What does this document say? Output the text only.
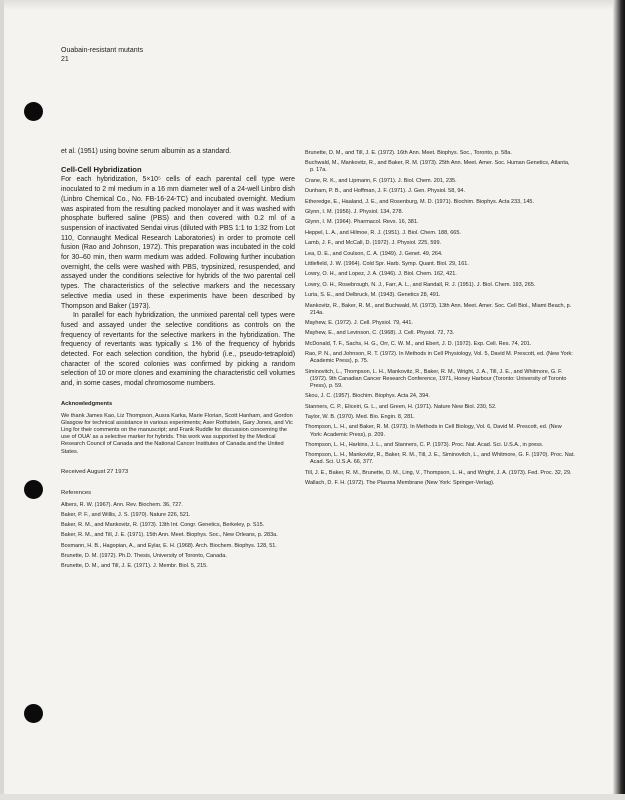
Ouabain-resistant mutants
21

et al. (1951) using bovine serum albumin as a standard.

Cell-Cell Hybridization

For each hybridization, 5×10⁵ cells of each parental cell type were inoculated to 2 ml medium in a 16 mm diameter well of a 24-well Linbro dish (Linbro Chemical Co., No. FB-16-24-TC) and incubated overnight. Medium was aspirated from the resulting packed monolayer and it was washed with phosphate buffered saline (PBS) and then covered with 0.2 ml of a suspension of inactivated Sendai virus (diluted with PBS 1:1 to 1:32 from Lot 110, Connaught Medical Research Laboratories) in order to promote cell fusion (Rao and Johnson, 1972). This preparation was incubated in the cold for 30–60 min, then warm medium was added. Following further incubation overnight, the cells were washed with PBS, trypsinized, resuspended, and assayed under the conditions selective for hybrids of the two parental cell types. The characteristics of the selective markers and the necessary selective media used in these experiments have been described by Thompson and Baker (1973).

In parallel for each hybridization, the unmixed parental cell types were fused and assayed under the selective conditions as controls on the frequency of revertants for the selective markers in the hybridization. The frequency of revertants was typically ≤ 1% of the frequency of hybrids detected. For each selection condition, the hybrid (i.e., pseudo-tetraploid) character of the scored colonies was confirmed by picking a random selection of 10 or more clones and examining the characteristic cell volumes and, in some cases, modal chromosome numbers.

Acknowledgments

We thank James Kao, Liz Thompson, Ausra Karka, Marie Florian, Scott Hanham, and Gordon Glasgow for technical assistance in various experiments; Aser Rothstein, Gary Jones, and Vic Ling for their comments on the manuscript; and Frank Ruddle for discussion concerning the use of OUA' as a selective marker for hybrids. This work was supported by the Medical Research Council of Canada and the National Cancer Institutes of Canada and the United States.

Received August 27 1973
References
Albers, R. W. (1967). Ann. Rev. Biochem. 36, 727.
Baker, P. F., and Willis, J. S. (1970). Nature 226, 521.
Baker, R. M., and Mankovitz, R. (1973). 13th Int. Congr. Genetics, Berkeley, p. S15.
Baker, R. M., and Till, J. E. (1971). 15th Ann. Meet. Biophys. Soc., New Orleans, p. 283a.
Bosmann, H. B., Hagopian, A., and Eylar, E. H. (1968). Arch. Biochem. Biophys. 128, 51.
Brunette, D. M. (1972). Ph.D. Thesis, University of Toronto, Canada.
Brunette, D. M., and Till, J. E. (1971). J. Membr. Biol. 5, 215.
Brunette, D. M., and Till, J. E. (1972). 16th Ann. Meet. Biophys. Soc., Toronto, p. 58a.
Buchwald, M., Mankovitz, R., and Baker, R. M. (1973). 25th Ann. Meet. Amer. Soc. Human Genetics, Atlanta, p. 17a.
Crane, R. K., and Lipmann, F. (1971). J. Biol. Chem. 201, 235.
Dunham, P. B., and Hoffman, J. F. (1971). J. Gen. Physiol. 58, 94.
Etheredge, E., Haaland, J. E., and Rosenburg, M. D. (1971). Biochim. Biophys. Acta 233, 145.
Glynn, I. M. (1956). J. Physiol. 134, 278.
Glynn, I. M. (1964). Pharmacol. Revs. 16, 381.
Heppel, L. A., and Hilmoe, R. J. (1951). J. Biol. Chem. 188, 665.
Lamb, J. F., and McCall, D. (1972). J. Physiol. 225, 599.
Lea, D. E., and Coulson, C. A. (1949). J. Genet. 49, 264.
Littlefield, J. W. (1964). Cold Spr. Harb. Symp. Quant. Biol. 29, 161.
Lowry, O. H., and Lopez, J. A. (1946). J. Biol. Chem. 162, 421.
Lowry, O. H., Rosebrough, N. J., Farr, A. L., and Randall, R. J. (1951). J. Biol. Chem. 193, 265.
Luria, S. E., and Delbruck, M. (1943). Genetics 28, 491.
Mankovitz, R., Baker, R. M., and Buchwald, M. (1973). 13th Ann. Meet. Amer. Soc. Cell Biol., Miami Beach, p. 214a.
Mayhew, E. (1972). J. Cell. Physiol. 79, 441.
Mayhew, E., and Levinson, C. (1968). J. Cell. Physiol. 72, 73.
McDonald, T. F., Sachs, H. G., Orr, C. W. M., and Ebert, J. D. (1972). Exp. Cell. Res. 74, 201.
Rao, P. N., and Johnson, R. T. (1972). In Methods in Cell Physiology, Vol. 5, David M. Prescott, ed. (New York: Academic Press), p. 75.
Siminovitch, L., Thompson, L. H., Mankovitz, R., Baker, R. M., Wright, J. A., Till, J. E., and Whitmore, G. F. (1972). 9th Canadian Cancer Research Conference, 1971, Honey Harbour (Toronto: University of Toronto Press), p. 59.
Skou, J. C. (1957). Biochim. Biophys. Acta 24, 394.
Stanners, C. P., Eliceiri, G. L., and Green, H. (1971). Nature New Biol. 230, 52.
Taylor, W. B. (1970). Med. Bio. Engin. 8, 281.
Thompson, L. H., and Baker, R. M. (1973). In Methods in Cell Biology, Vol. 6, David M. Prescott, ed. (New York: Academic Press), p. 209.
Thompson, L. H., Harkins, J. L., and Stanners, C. P. (1973). Proc. Nat. Acad. Sci. U.S.A., in press.
Thompson, L. H., Mankovitz, R., Baker, R. M., Till, J. E., Siminovitch, L., and Whitmore, G. F. (1970). Proc. Nat. Acad. Sci. U.S.A. 66, 377.
Till, J. E., Baker, R. M., Brunette, D. M., Ling, V., Thompson, L. H., and Wright, J. A. (1973). Fed. Proc. 32, 29.
Wallach, D. F. H. (1972). The Plasma Membrane (New York: Springer-Verlag).
